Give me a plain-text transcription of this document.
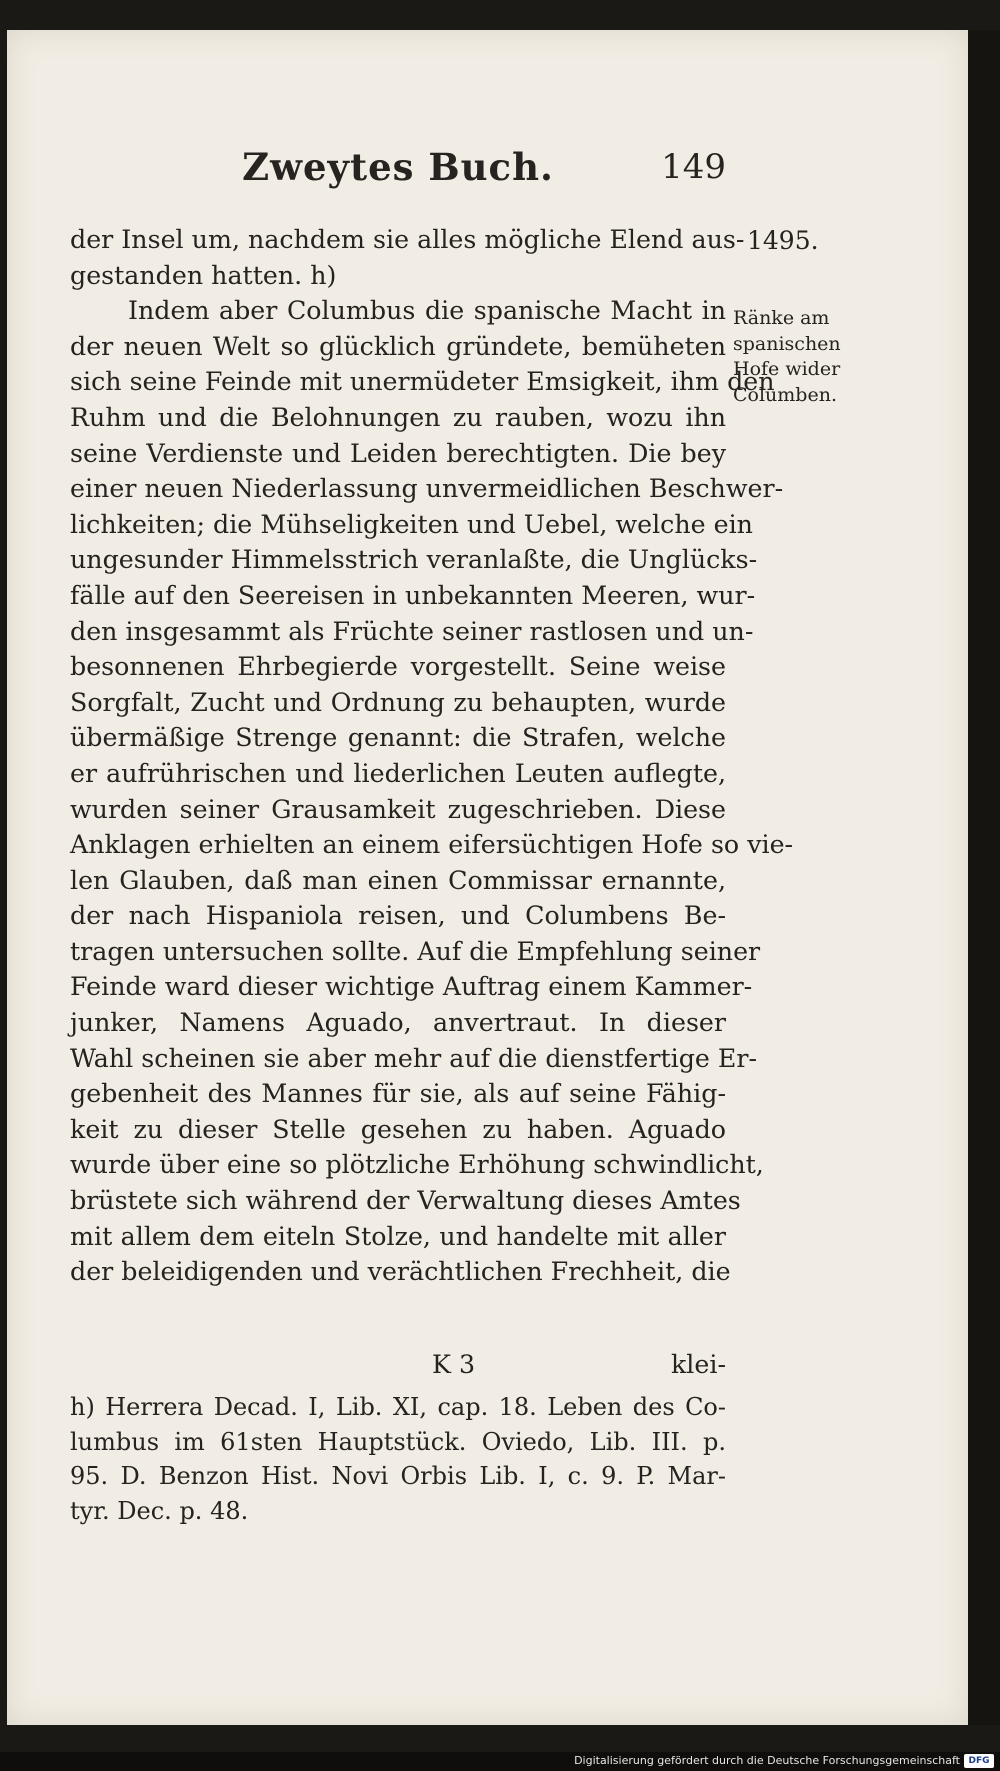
Zweytes Buch.	149
1495.
Ränke am
spanischen
Hofe wider
Columben.
der Insel um, nachdem sie alles mögliche Elend aus-
gestanden hatten. h)
Indem aber Columbus die spanische Macht in
der neuen Welt so glücklich gründete, bemüheten
sich seine Feinde mit unermüdeter Emsigkeit, ihm den
Ruhm und die Belohnungen zu rauben, wozu ihn
seine Verdienste und Leiden berechtigten. Die bey
einer neuen Niederlassung unvermeidlichen Beschwer-
lichkeiten; die Mühseligkeiten und Uebel, welche ein
ungesunder Himmelsstrich veranlaßte, die Unglücks-
fälle auf den Seereisen in unbekannten Meeren, wur-
den insgesammt als Früchte seiner rastlosen und un-
besonnenen Ehrbegierde vorgestellt. Seine weise
Sorgfalt, Zucht und Ordnung zu behaupten, wurde
übermäßige Strenge genannt: die Strafen, welche
er aufrührischen und liederlichen Leuten auflegte,
wurden seiner Grausamkeit zugeschrieben. Diese
Anklagen erhielten an einem eifersüchtigen Hofe so vie-
len Glauben, daß man einen Commissar ernannte,
der nach Hispaniola reisen, und Columbens Be-
tragen untersuchen sollte. Auf die Empfehlung seiner
Feinde ward dieser wichtige Auftrag einem Kammer-
junker, Namens Aguado, anvertraut. In dieser
Wahl scheinen sie aber mehr auf die dienstfertige Er-
gebenheit des Mannes für sie, als auf seine Fähig-
keit zu dieser Stelle gesehen zu haben. Aguado
wurde über eine so plötzliche Erhöhung schwindlicht,
brüstete sich während der Verwaltung dieses Amtes
mit allem dem eiteln Stolze, und handelte mit aller
der beleidigenden und verächtlichen Frechheit, die
K 3	klei-
h) Herrera Decad. I, Lib. XI, cap. 18. Leben des Co-
lumbus im 61sten Hauptstück. Oviedo, Lib. III. p.
95. D. Benzon Hist. Novi Orbis Lib. I, c. 9. P. Mar-
tyr. Dec. p. 48.
Digitalisierung gefördert durch die Deutsche Forschungsgemeinschaft DFG
